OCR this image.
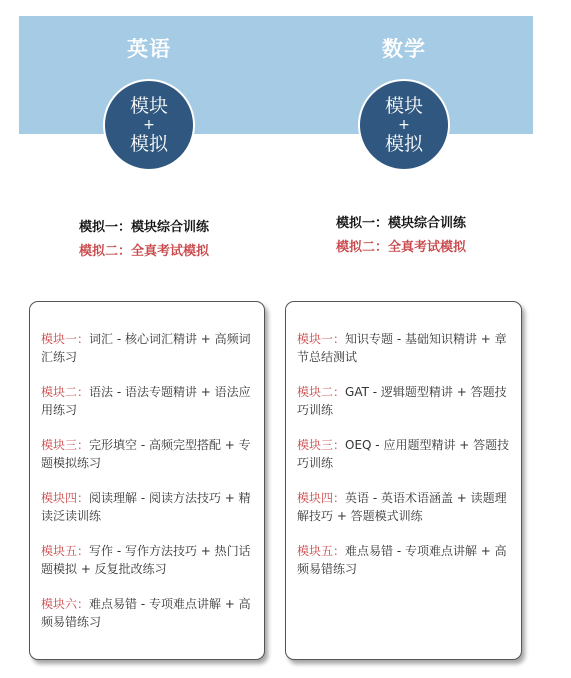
英语	数学
模块
+
模拟
模块
+
模拟
模拟一：模块综合训练
模拟二：全真考试模拟
模拟一：模块综合训练
模拟二：全真考试模拟
模块一：词汇 - 核心词汇精讲 + 高频词汇练习
模块二：语法 - 语法专题精讲 + 语法应用练习
模块三：完形填空 - 高频完型搭配 + 专题模拟练习
模块四：阅读理解 - 阅读方法技巧 + 精读泛读训练
模块五：写作 - 写作方法技巧 + 热门话题模拟 + 反复批改练习
模块六：难点易错 - 专项难点讲解 + 高频易错练习
模块一：知识专题 - 基础知识精讲 + 章节总结测试
模块二：GAT - 逻辑题型精讲 + 答题技巧训练
模块三：OEQ - 应用题型精讲 + 答题技巧训练
模块四：英语 - 英语术语涵盖 + 读题理解技巧 + 答题模式训练
模块五：难点易错 - 专项难点讲解 + 高频易错练习
